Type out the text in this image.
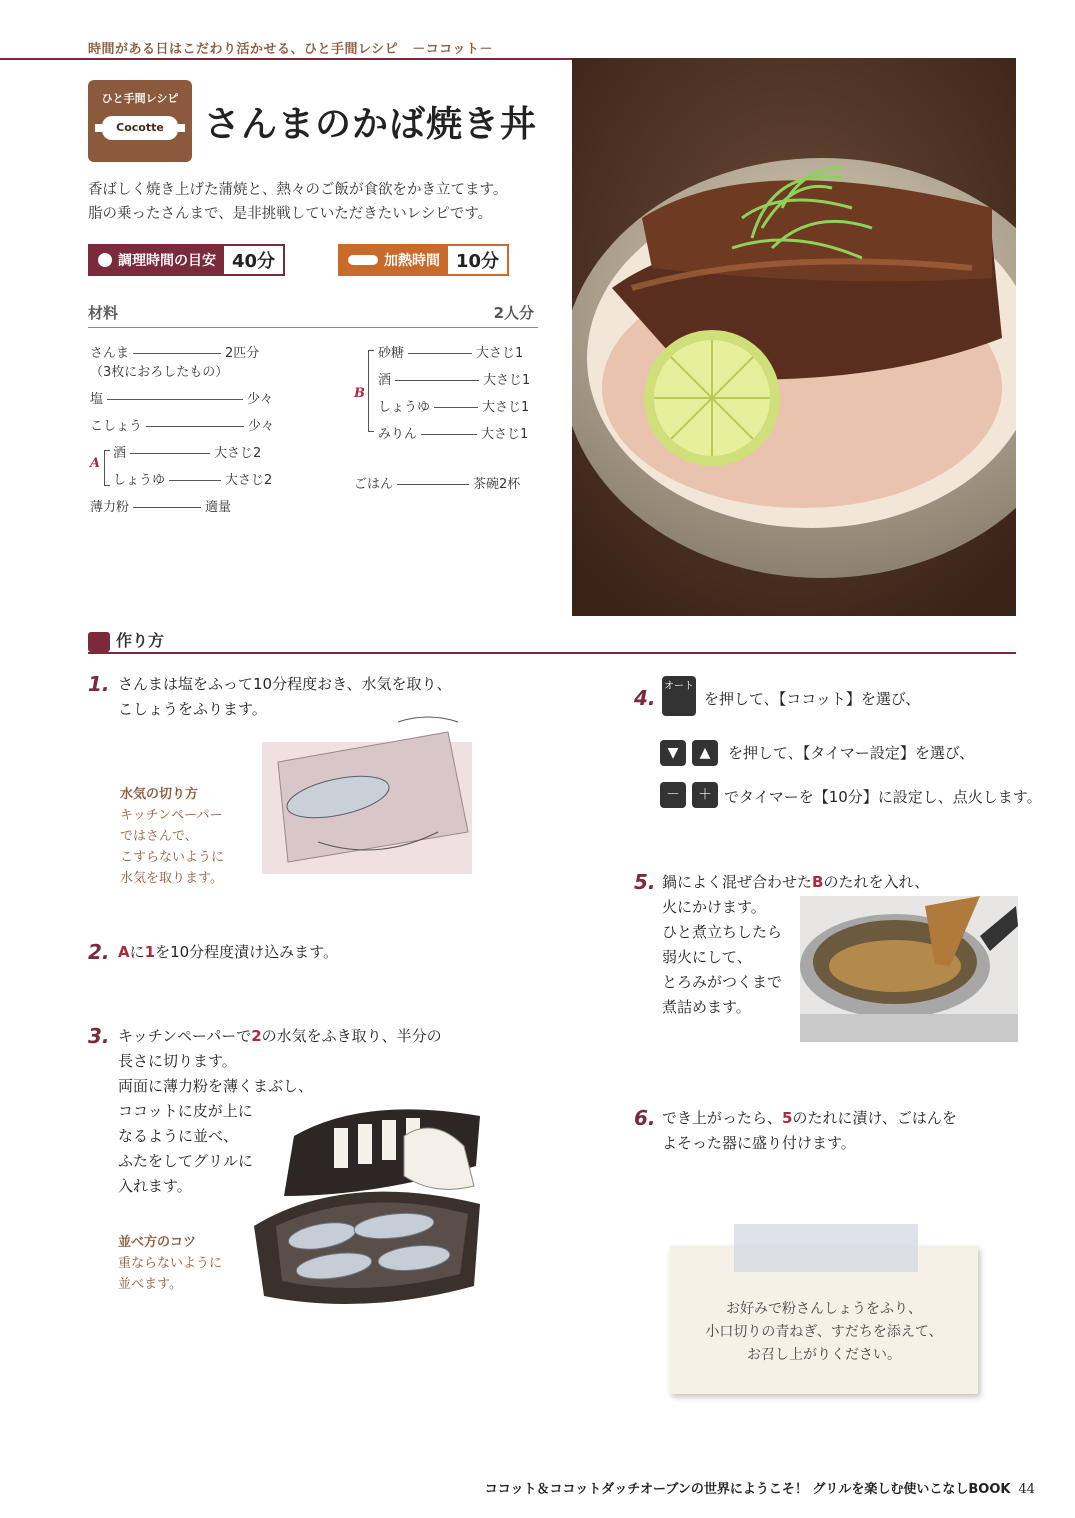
時間がある日はこだわり活かせる、ひと手間レシピ －ココット－
ひと手間レシピ
Cocotte	さんまのかば焼き丼
香ばしく焼き上げた蒲焼と、熱々のご飯が食欲をかき立てます。
脂の乗ったさんまで、是非挑戦していただきたいレシピです。
調理時間の目安 40分	加熱時間 10分
材料	2人分
さんま	2匹分
（3枚におろしたもの）
塩	少々
こしょう	少々
A
酒	大さじ2
しょうゆ	大さじ2
薄力粉	適量
B
砂糖	大さじ1
酒	大さじ1
しょうゆ	大さじ1
みりん	大さじ1
ごはん	茶碗2杯
作り方
1. さんまは塩をふって10分程度おき、水気を取り、
こしょうをふります。
水気の切り方
キッチンペーパー
ではさんで、
こすらないように
水気を取ります。
2. Aに1を10分程度漬け込みます。
3. キッチンペーパーで2の水気をふき取り、半分の
長さに切ります。
両面に薄力粉を薄くまぶし、
ココットに皮が上に
なるように並べ、
ふたをしてグリルに
入れます。
並べ方のコツ
重ならないように
並べます。
4. オート
を押して、【ココット】を選び、
▼	▲	を押して、【タイマー設定】を選び、
－	＋ でタイマーを【10分】に設定し、点火します。
5. 鍋によく混ぜ合わせたBのたれを入れ、
火にかけます。
ひと煮立ちしたら
弱火にして、
とろみがつくまで
煮詰めます。
6. でき上がったら、5のたれに漬け、ごはんを
よそった器に盛り付けます。
お好みで粉さんしょうをふり、
小口切りの青ねぎ、すだちを添えて、
お召し上がりください。
ココット＆ココットダッチオーブンの世界にようこそ！ グリルを楽しむ使いこなしBOOK 44
